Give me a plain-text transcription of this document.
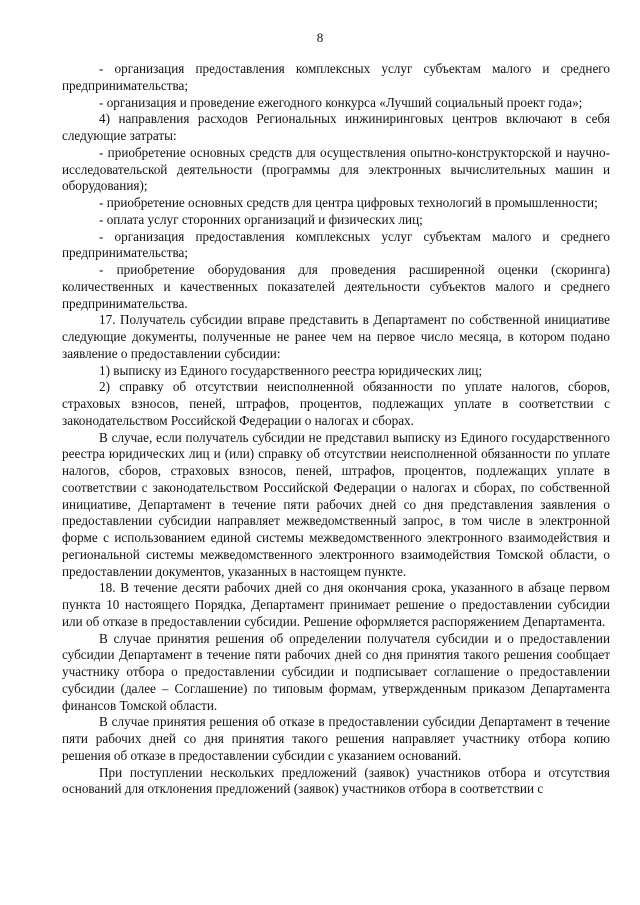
8

- организация предоставления комплексных услуг субъектам малого и среднего предпринимательства;

- организация и проведение ежегодного конкурса «Лучший социальный проект года»;

4) направления расходов Региональных инжиниринговых центров включают в себя следующие затраты:

- приобретение основных средств для осуществления опытно-конструкторской и научно-исследовательской деятельности (программы для электронных вычислительных машин и оборудования);

- приобретение основных средств для центра цифровых технологий в промышленности;

- оплата услуг сторонних организаций и физических лиц;

- организация предоставления комплексных услуг субъектам малого и среднего предпринимательства;

- приобретение оборудования для проведения расширенной оценки (скоринга) количественных и качественных показателей деятельности субъектов малого и среднего предпринимательства.

17. Получатель субсидии вправе представить в Департамент по собственной инициативе следующие документы, полученные не ранее чем на первое число месяца, в котором подано заявление о предоставлении субсидии:

1) выписку из Единого государственного реестра юридических лиц;

2) справку об отсутствии неисполненной обязанности по уплате налогов, сборов, страховых взносов, пеней, штрафов, процентов, подлежащих уплате в соответствии с законодательством Российской Федерации о налогах и сборах.

В случае, если получатель субсидии не представил выписку из Единого государственного реестра юридических лиц и (или) справку об отсутствии неисполненной обязанности по уплате налогов, сборов, страховых взносов, пеней, штрафов, процентов, подлежащих уплате в соответствии с законодательством Российской Федерации о налогах и сборах, по собственной инициативе, Департамент в течение пяти рабочих дней со дня представления заявления о предоставлении субсидии направляет межведомственный запрос, в том числе в электронной форме с использованием единой системы межведомственного электронного взаимодействия и региональной системы межведомственного электронного взаимодействия Томской области, о предоставлении документов, указанных в настоящем пункте.

18. В течение десяти рабочих дней со дня окончания срока, указанного в абзаце первом пункта 10 настоящего Порядка, Департамент принимает решение о предоставлении субсидии или об отказе в предоставлении субсидии. Решение оформляется распоряжением Департамента.

В случае принятия решения об определении получателя субсидии и о предоставлении субсидии Департамент в течение пяти рабочих дней со дня принятия такого решения сообщает участнику отбора о предоставлении субсидии и подписывает соглашение о предоставлении субсидии (далее – Соглашение) по типовым формам, утвержденным приказом Департамента финансов Томской области.

В случае принятия решения об отказе в предоставлении субсидии Департамент в течение пяти рабочих дней со дня принятия такого решения направляет участнику отбора копию решения об отказе в предоставлении субсидии с указанием оснований.

При поступлении нескольких предложений (заявок) участников отбора и отсутствия оснований для отклонения предложений (заявок) участников отбора в соответствии с
